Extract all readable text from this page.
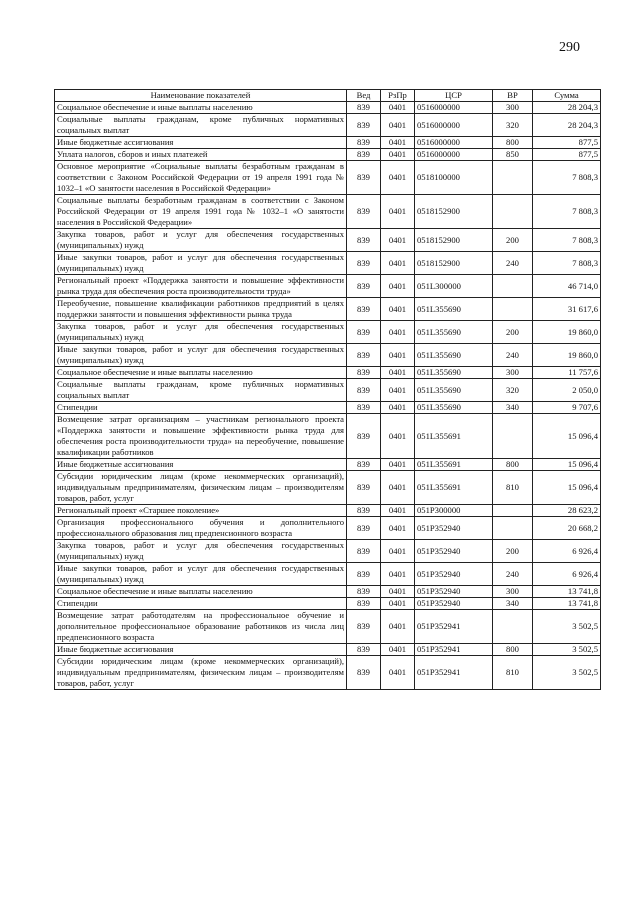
290
Наименование показателей	Вед	РзПр	ЦСР	ВР	Сумма
Социальное обеспечение и иные выплаты населению	839	0401	0516000000	300	28 204,3
Социальные выплаты гражданам, кроме публичных нормативных социальных выплат	839	0401	0516000000	320	28 204,3
Иные бюджетные ассигнования	839	0401	0516000000	800	877,5
Уплата налогов, сборов и иных платежей	839	0401	0516000000	850	877,5
Основное мероприятие «Социальные выплаты безработным гражданам в соответствии с Законом Российской Федерации от 19 апреля 1991 года № 1032–1 «О занятости населения в Российской Федерации»	839	0401	0518100000		7 808,3
Социальные выплаты безработным гражданам в соответствии с Законом Российской Федерации от 19 апреля 1991 года № 1032–1 «О занятости населения в Российской Федерации»	839	0401	0518152900		7 808,3
Закупка товаров, работ и услуг для обеспечения государственных (муниципальных) нужд	839	0401	0518152900	200	7 808,3
Иные закупки товаров, работ и услуг для обеспечения государственных (муниципальных) нужд	839	0401	0518152900	240	7 808,3
Региональный проект «Поддержка занятости и повышение эффективности рынка труда для обеспечения роста производительности труда»	839	0401	051L300000		46 714,0
Переобучение, повышение квалификации работников предприятий в целях поддержки занятости и повышения эффективности рынка труда	839	0401	051L355690		31 617,6
Закупка товаров, работ и услуг для обеспечения государственных (муниципальных) нужд	839	0401	051L355690	200	19 860,0
Иные закупки товаров, работ и услуг для обеспечения государственных (муниципальных) нужд	839	0401	051L355690	240	19 860,0
Социальное обеспечение и иные выплаты населению	839	0401	051L355690	300	11 757,6
Социальные выплаты гражданам, кроме публичных нормативных социальных выплат	839	0401	051L355690	320	2 050,0
Стипендии	839	0401	051L355690	340	9 707,6
Возмещение затрат организациям – участникам регионального проекта «Поддержка занятости и повышение эффективности рынка труда для обеспечения роста производительности труда» на переобучение, повышение квалификации работников	839	0401	051L355691		15 096,4
Иные бюджетные ассигнования	839	0401	051L355691	800	15 096,4
Субсидии юридическим лицам (кроме некоммерческих организаций), индивидуальным предпринимателям, физическим лицам – производителям товаров, работ, услуг	839	0401	051L355691	810	15 096,4
Региональный проект «Старшее поколение»	839	0401	051P300000		28 623,2
Организация профессионального обучения и дополнительного профессионального образования лиц предпенсионного возраста	839	0401	051P352940		20 668,2
Закупка товаров, работ и услуг для обеспечения государственных (муниципальных) нужд	839	0401	051P352940	200	6 926,4
Иные закупки товаров, работ и услуг для обеспечения государственных (муниципальных) нужд	839	0401	051P352940	240	6 926,4
Социальное обеспечение и иные выплаты населению	839	0401	051P352940	300	13 741,8
Стипендии	839	0401	051P352940	340	13 741,8
Возмещение затрат работодателям на профессиональное обучение и дополнительное профессиональное образование работников из числа лиц предпенсионного возраста	839	0401	051P352941		3 502,5
Иные бюджетные ассигнования	839	0401	051P352941	800	3 502,5
Субсидии юридическим лицам (кроме некоммерческих организаций), индивидуальным предпринимателям, физическим лицам – производителям товаров, работ, услуг	839	0401	051P352941	810	3 502,5
